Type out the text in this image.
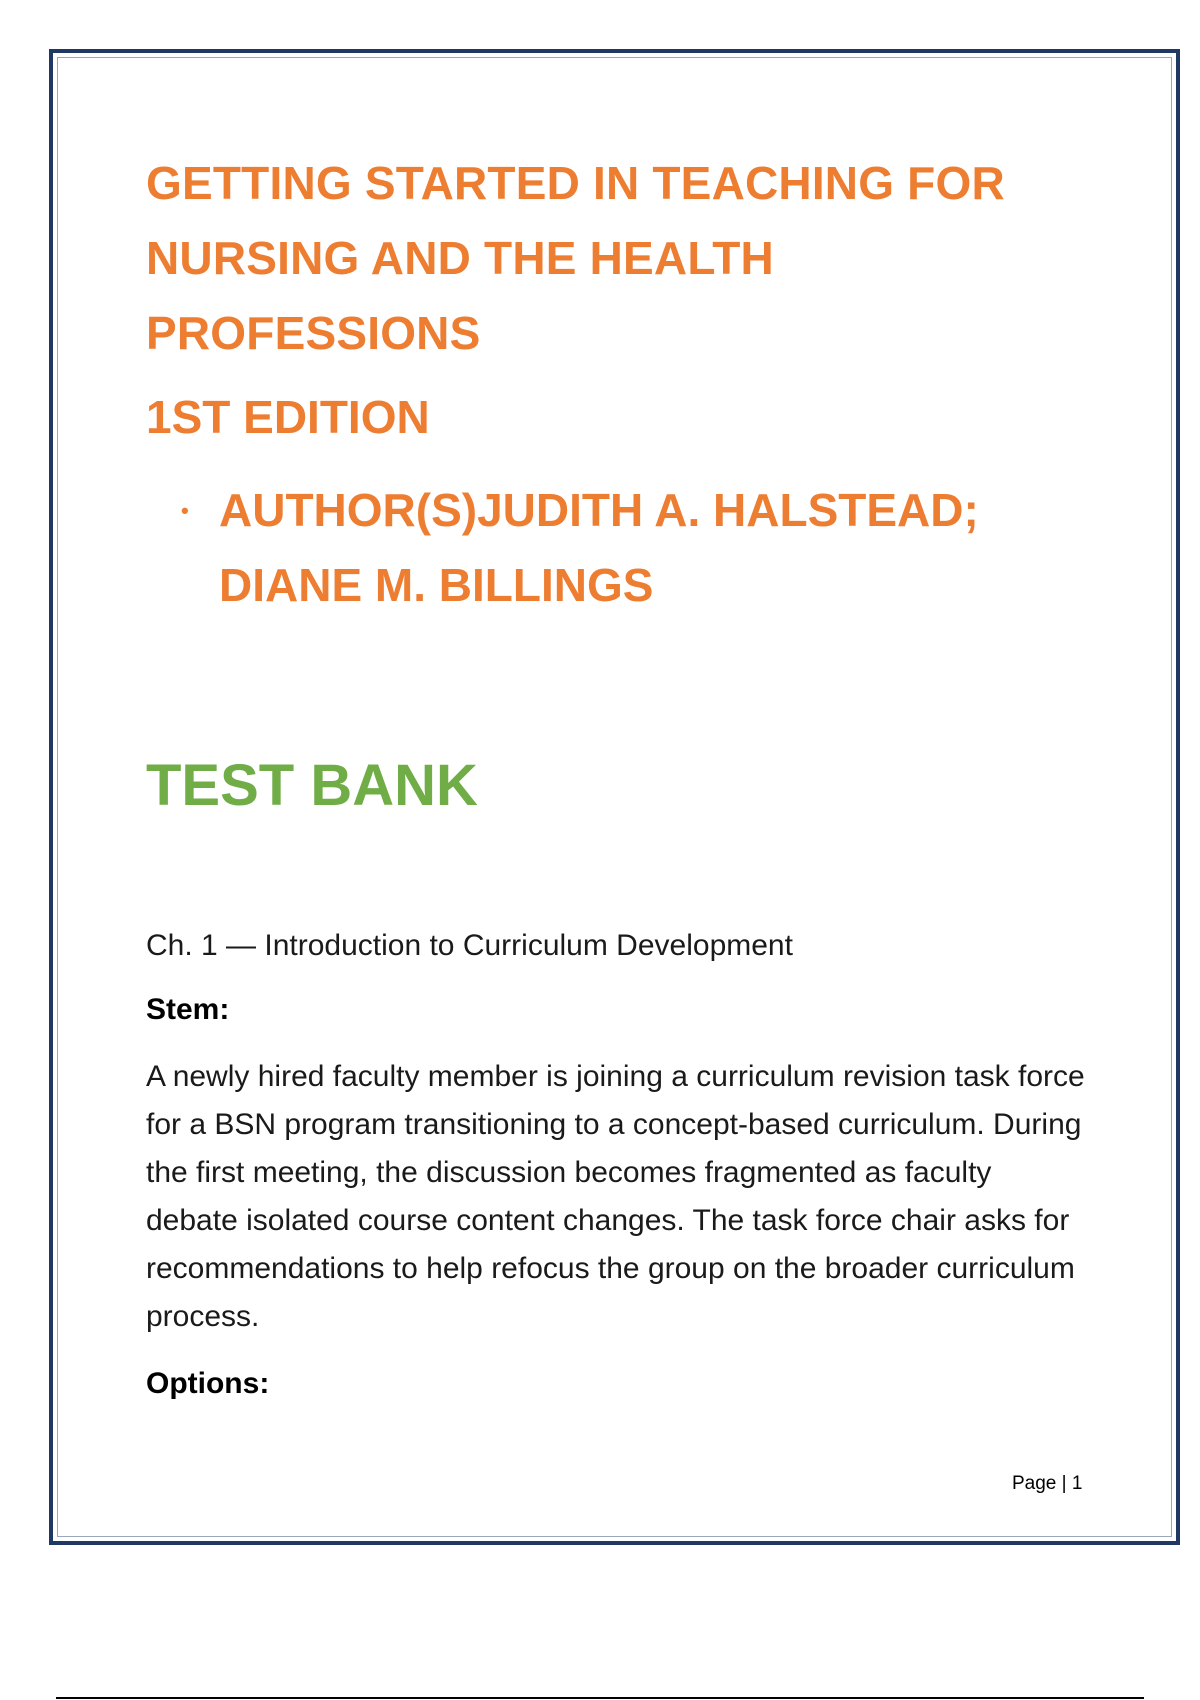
GETTING STARTED IN TEACHING FOR
NURSING AND THE HEALTH
PROFESSIONS
1ST EDITION
• AUTHOR(S)JUDITH A. HALSTEAD;
DIANE M. BILLINGS
TEST BANK
Ch. 1 — Introduction to Curriculum Development
Stem:

A newly hired faculty member is joining a curriculum revision task force for a BSN program transitioning to a concept-based curriculum. During the first meeting, the discussion becomes fragmented as faculty debate isolated course content changes. The task force chair asks for recommendations to help refocus the group on the broader curriculum process.

Options:
Page | 1
